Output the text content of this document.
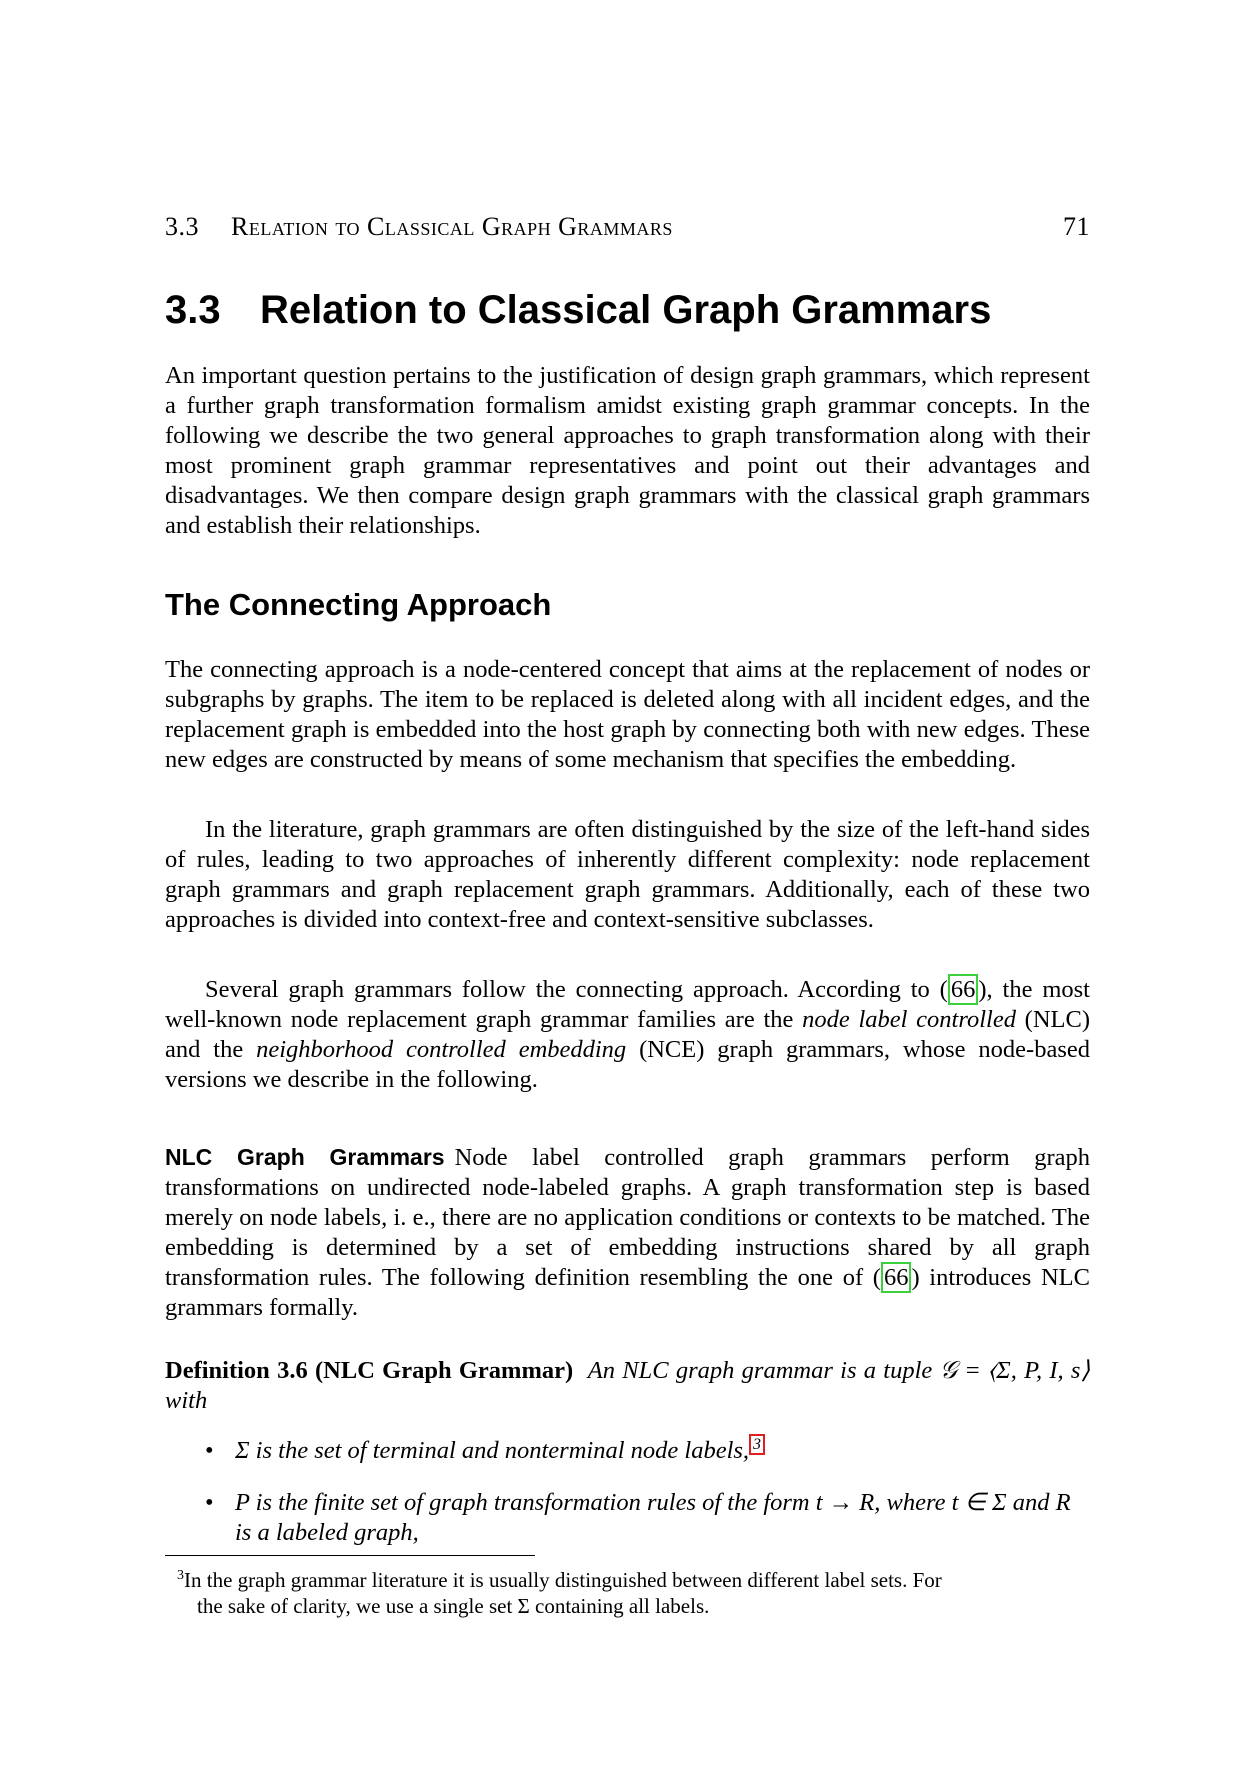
3.3 Relation to Classical Graph Grammars	71
3.3 Relation to Classical Graph Grammars

An important question pertains to the justification of design graph grammars, which represent a further graph transformation formalism amidst existing graph grammar concepts. In the following we describe the two general approaches to graph transformation along with their most prominent graph grammar representatives and point out their advantages and disadvantages. We then compare design graph grammars with the classical graph grammars and establish their relationships.

The Connecting Approach

The connecting approach is a node-centered concept that aims at the replacement of nodes or subgraphs by graphs. The item to be replaced is deleted along with all incident edges, and the replacement graph is embedded into the host graph by connecting both with new edges. These new edges are constructed by means of some mechanism that specifies the embedding.

In the literature, graph grammars are often distinguished by the size of the left-hand sides of rules, leading to two approaches of inherently different complexity: node replacement graph grammars and graph replacement graph grammars. Additionally, each of these two approaches is divided into context-free and context-sensitive subclasses.

Several graph grammars follow the connecting approach. According to ( 66 ), the most well-known node replacement graph grammar families are the node label controlled (NLC) and the neighborhood controlled embedding (NCE) graph grammars, whose node-based versions we describe in the following.

NLC Graph Grammars Node label controlled graph grammars perform graph transformations on undirected node-labeled graphs. A graph transformation step is based merely on node labels, i. e., there are no application conditions or contexts to be matched. The embedding is determined by a set of embedding instructions shared by all graph transformation rules. The following definition resembling the one of ( 66 ) introduces NLC grammars formally.

Definition 3.6 (NLC Graph Grammar) An NLC graph grammar is a tuple 𝒢 = ⟨Σ, P, I, s⟩ with

• Σ is the set of terminal and nonterminal node labels, $^3$
• P is the finite set of graph transformation rules of the form t → R, where t ∈ Σ and R is a labeled graph,
$^3$In the graph grammar literature it is usually distinguished between different label sets. For
the sake of clarity, we use a single set Σ containing all labels.
